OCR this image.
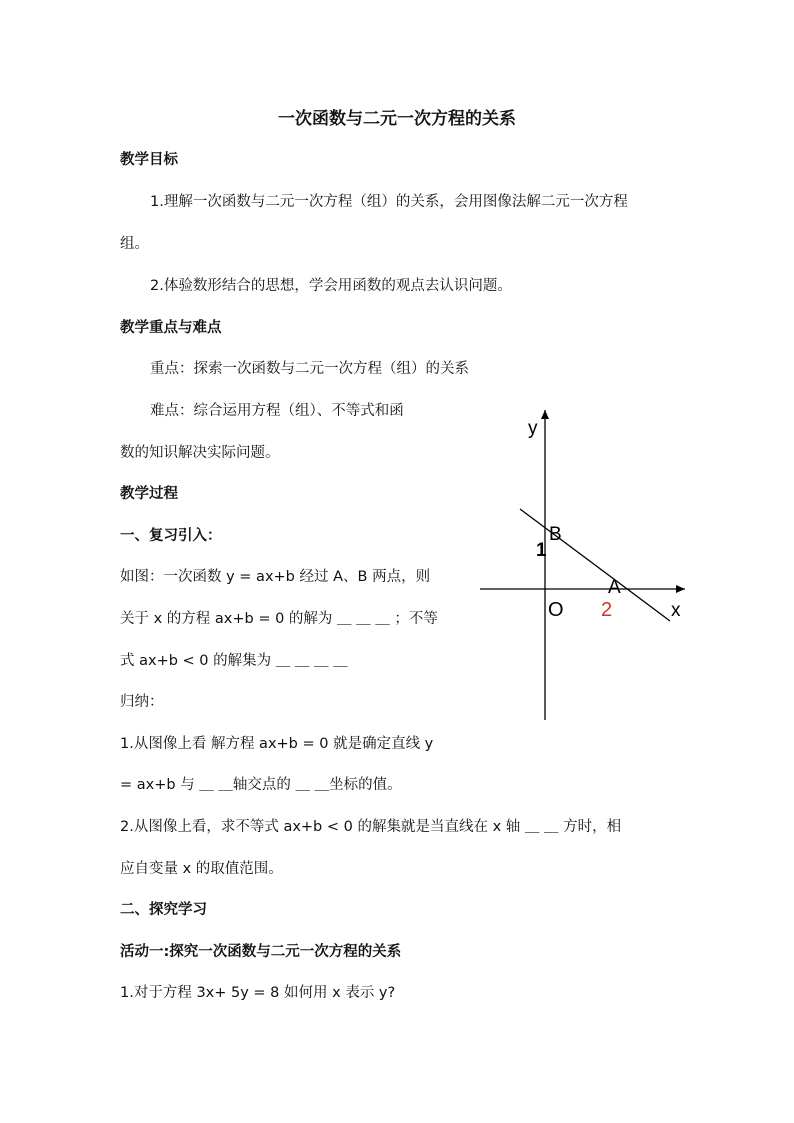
一次函数与二元一次方程的关系
教学目标
1.理解一次函数与二元一次方程（组）的关系，会用图像法解二元一次方程
组。
2.体验数形结合的思想，学会用函数的观点去认识问题。
教学重点与难点
重点：探索一次函数与二元一次方程（组）的关系
难点：综合运用方程（组）、不等式和函
数的知识解决实际问题。
教学过程
一、复习引入：
如图：一次函数 y = ax+b 经过 A、B 两点，则
关于 x 的方程 ax+b = 0 的解为 ＿ ＿ ＿ ；不等
式 ax+b < 0 的解集为 ＿ ＿ ＿ ＿
归纳：
1.从图像上看 解方程 ax+b = 0 就是确定直线 y
= ax+b 与 ＿ ＿轴交点的 ＿ ＿坐标的值。
2.从图像上看，求不等式 ax+b < 0 的解集就是当直线在 x 轴 ＿ ＿ 方时，相
应自变量 x 的取值范围。
二、探究学习
活动一:探究一次函数与二元一次方程的关系
1.对于方程 3x+ 5y = 8 如何用 x 表示 y?
y
x
O
B
A
1
2
